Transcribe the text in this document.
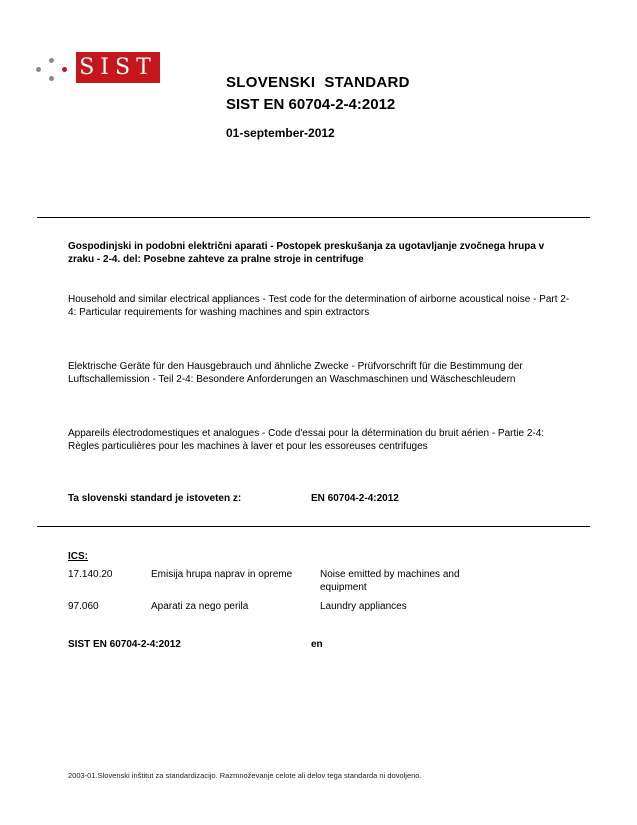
SIST
SLOVENSKI  STANDARD
SIST EN 60704-2-4:2012
01-september-2012
Gospodinjski in podobni električni aparati - Postopek preskušanja za ugotavljanje zvočnega hrupa v zraku - 2-4. del: Posebne zahteve za pralne stroje in centrifuge
Household and similar electrical appliances - Test code for the determination of airborne acoustical noise - Part 2-4: Particular requirements for washing machines and spin extractors
Elektrische Geräte für den Hausgebrauch und ähnliche Zwecke - Prüfvorschrift für die Bestimmung der Luftschallemission - Teil 2-4: Besondere Anforderungen an Waschmaschinen und Wäscheschleudern
Appareils électrodomestiques et analogues - Code d'essai pour la détermination du bruit aérien - Partie 2-4: Règles particulières pour les machines à laver et pour les essoreuses centrifuges
Ta slovenski standard je istoveten z:	EN 60704-2-4:2012
ICS:
17.140.20	Emisija hrupa naprav in opreme	Noise emitted by machines and equipment
97.060	Aparati za nego perila	Laundry appliances
SIST EN 60704-2-4:2012	en
2003-01.Slovenski inštitut za standardizacijo. Razmnoževanje celote ali delov tega standarda ni dovoljeno.
